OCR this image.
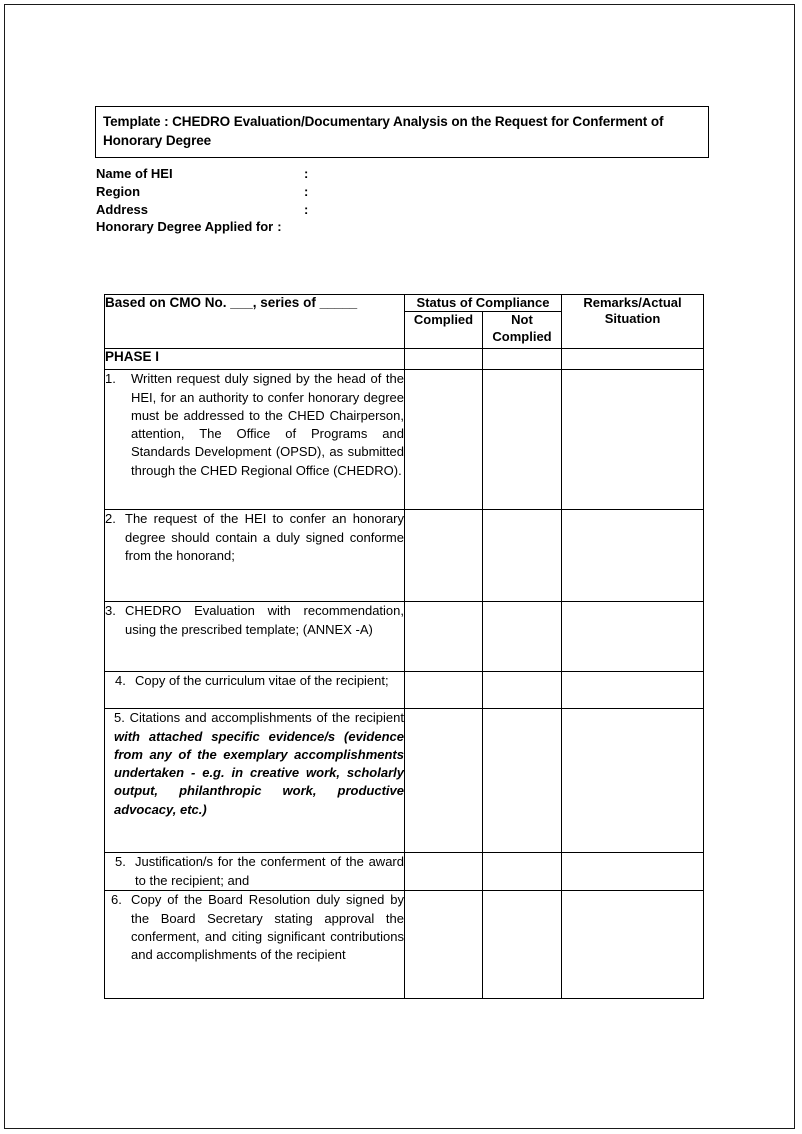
Template : CHEDRO Evaluation/Documentary Analysis on the Request for Conferment of Honorary Degree
Name of HEI	:
Region	:
Address	:
Honorary Degree Applied for :
Based on CMO No. ___, series of _____	Status of Compliance		Remarks/Actual Situation
	Complied	Not Complied	
PHASE I			

1. Written request duly signed by the head of the HEI, for an authority to confer honorary degree must be addressed to the CHED Chairperson, attention, The Office of Programs and Standards Development (OPSD), as submitted through the CHED Regional Office (CHEDRO).			

2. The request of the HEI to confer an honorary degree should contain a duly signed conforme from the honorand;			

3. CHEDRO Evaluation with recommendation, using the prescribed template; (ANNEX -A)			

4. Copy of the curriculum vitae of the recipient;			

5. Citations and accomplishments of the recipient with attached specific evidence/s (evidence from any of the exemplary accomplishments undertaken - e.g. in creative work, scholarly output, philanthropic work, productive advocacy, etc.)			

5. Justification/s for the conferment of the award to the recipient; and			

6. Copy of the Board Resolution duly signed by the Board Secretary stating approval the conferment, and citing significant contributions and accomplishments of the recipient			
